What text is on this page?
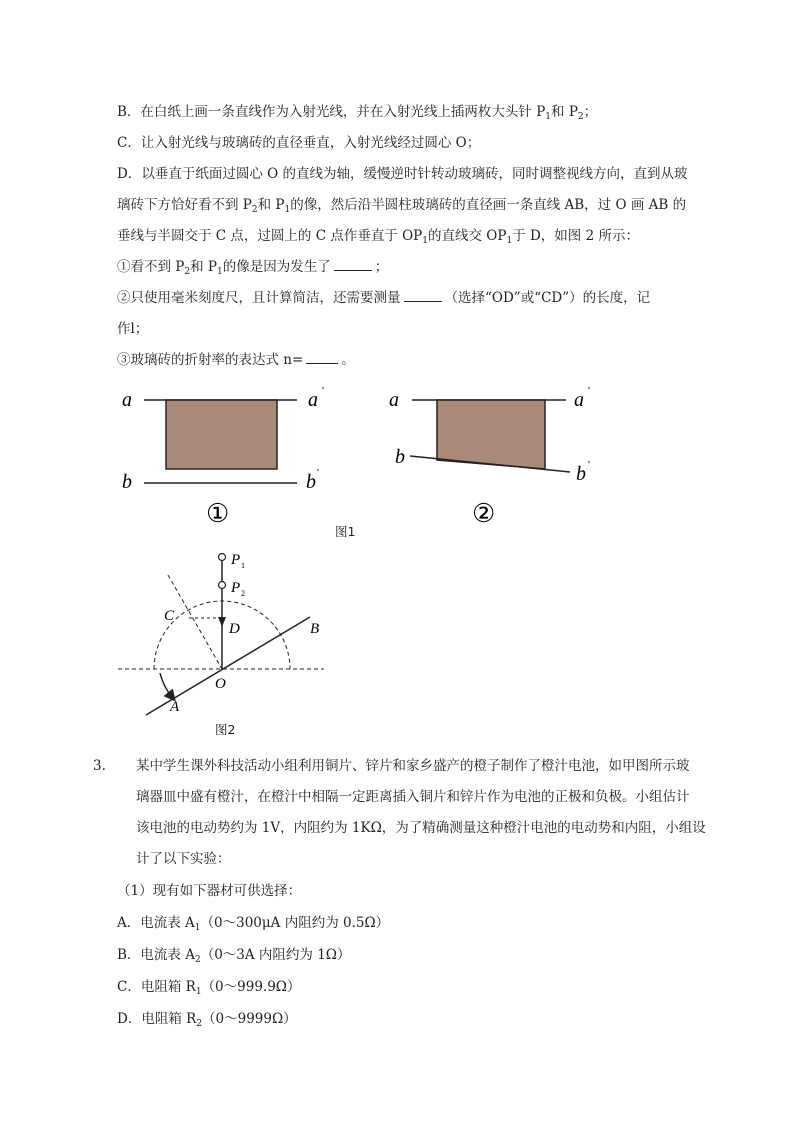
B．在白纸上画一条直线作为入射光线，并在入射光线上插两枚大头针 $P_1$和 $P_2$；
C．让入射光线与玻璃砖的直径垂直，入射光线经过圆心 O；
D．以垂直于纸面过圆心 O 的直线为轴，缓慢逆时针转动玻璃砖，同时调整视线方向，直到从玻
璃砖下方恰好看不到 $P_2$和 $P_1$的像，然后沿半圆柱玻璃砖的直径画一条直线 AB，过 O 画 AB 的
垂线与半圆交于 C 点，过圆上的 C 点作垂直于 $OP_1$的直线交 $OP_1$于 D，如图 2 所示：
①看不到 $P_2$和 $P_1$的像是因为发生了	；
②只使用毫米刻度尺，且计算简洁，还需要测量	（选择“OD”或“CD”）的长度，记
作l；
③玻璃砖的折射率的表达式 n=	。
a	a '
b	b '
①
a	a '
b
b '
②
图1
P 1
P 2
C
D	B
O
A
图2
3. 某中学生课外科技活动小组利用铜片、锌片和家乡盛产的橙子制作了橙汁电池，如甲图所示玻
璃器皿中盛有橙汁，在橙汁中相隔一定距离插入铜片和锌片作为电池的正极和负极。小组估计
该电池的电动势约为 1V，内阻约为 1KΩ，为了精确测量这种橙汁电池的电动势和内阻，小组设
计了以下实验：
（1）现有如下器材可供选择：
A．电流表 $A_1(0\sim 300\mu A$ 内阻约为 0.5Ω）
B．电流表 $A_2(0\sim 3A$ 内阻约为 1Ω）
C．电阻箱 $R_1(0\sim 999.9\Omega)$
D．电阻箱 $R_2(0\sim 9999\Omega)$
